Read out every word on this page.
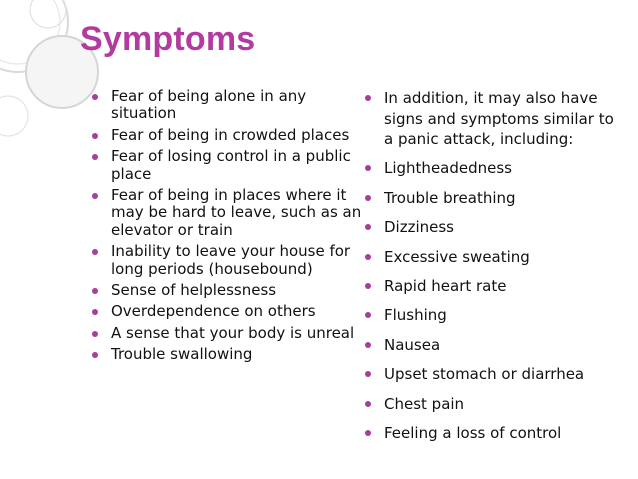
Symptoms
Fear of being alone in any situation
Fear of being in crowded places
Fear of losing control in a public place
Fear of being in places where it may be hard to leave, such as an elevator or train
Inability to leave your house for long periods (housebound)
Sense of helplessness
Overdependence on others
A sense that your body is unreal
Trouble swallowing
In addition, it may also have signs and symptoms similar to a panic attack, including:
Lightheadedness
Trouble breathing
Dizziness
Excessive sweating
Rapid heart rate
Flushing
Nausea
Upset stomach or diarrhea
Chest pain
Feeling a loss of control
